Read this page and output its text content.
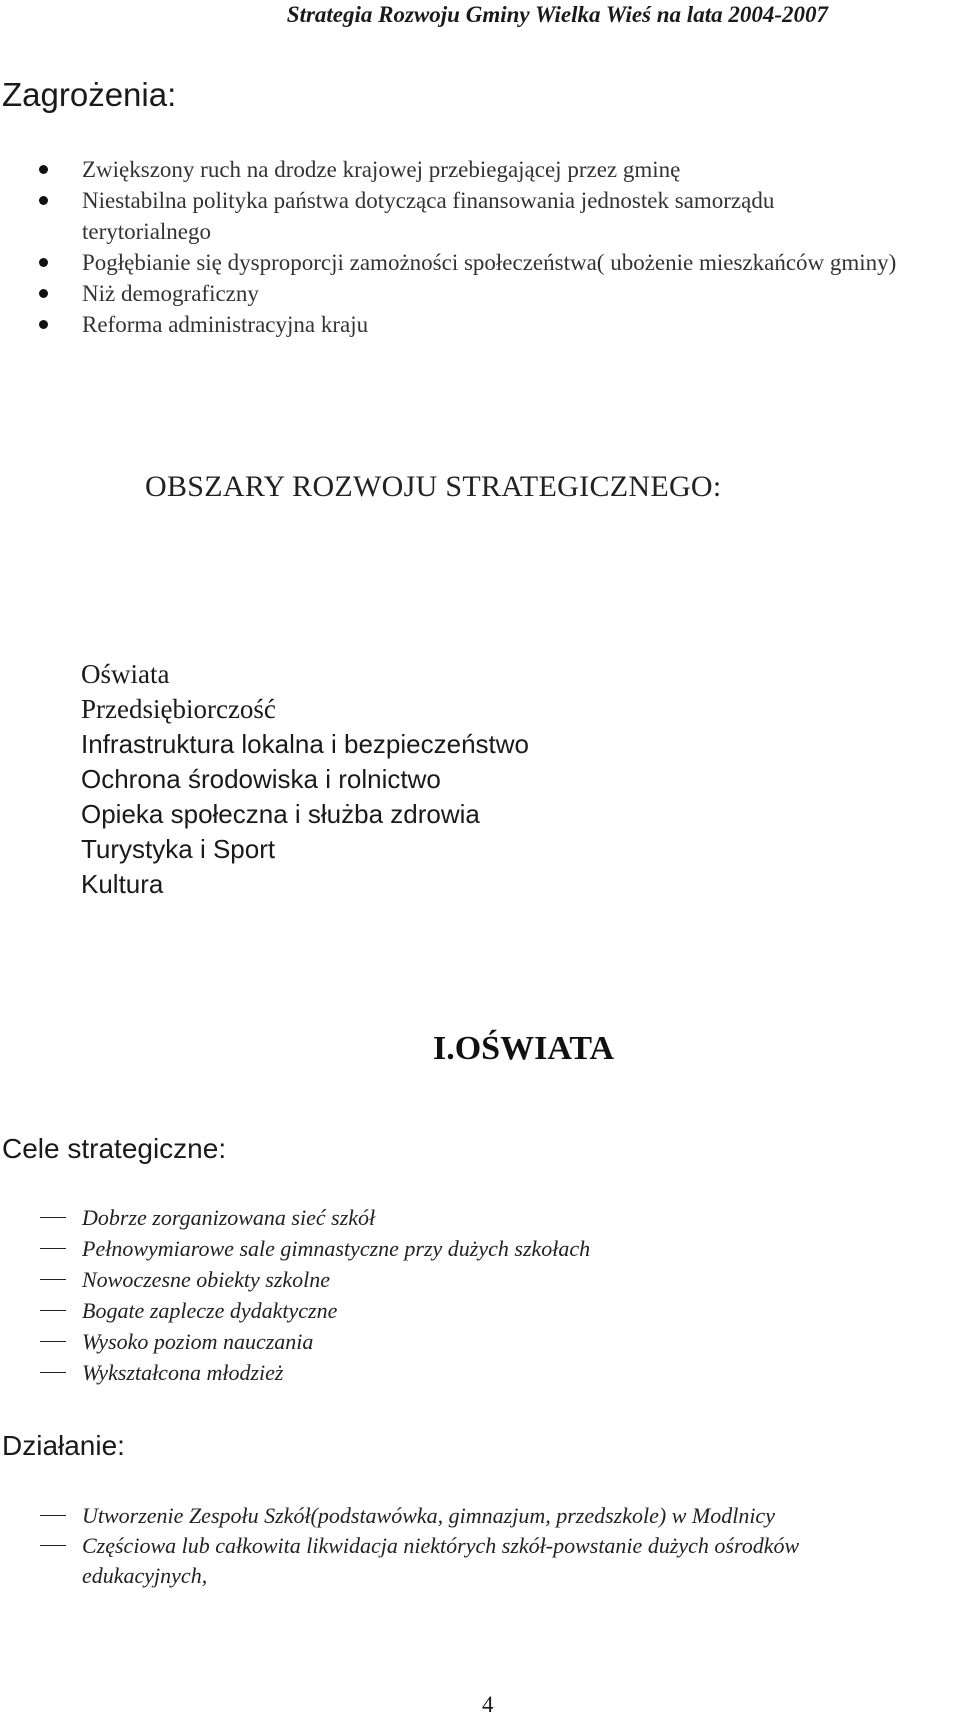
Strategia Rozwoju Gminy Wielka Wieś na lata 2004-2007
Zagrożenia:
Zwiększony ruch na drodze krajowej przebiegającej przez gminę
Niestabilna polityka państwa dotycząca finansowania jednostek samorządu terytorialnego
Pogłębianie się dysproporcji zamożności społeczeństwa( ubożenie mieszkańców gminy)
Niż demograficzny
Reforma administracyjna kraju
OBSZARY ROZWOJU STRATEGICZNEGO:
Oświata
Przedsiębiorczość
Infrastruktura lokalna i bezpieczeństwo
Ochrona środowiska i rolnictwo
Opieka społeczna i służba zdrowia
Turystyka i Sport
Kultura
I.OŚWIATA
Cele strategiczne:
Dobrze zorganizowana sieć szkół
Pełnowymiarowe sale gimnastyczne przy dużych szkołach
Nowoczesne obiekty szkolne
Bogate zaplecze dydaktyczne
Wysoko poziom nauczania
Wykształcona młodzież
Działanie:
Utworzenie Zespołu Szkół(podstawówka, gimnazjum, przedszkole) w Modlnicy
Częściowa lub całkowita likwidacja niektórych szkół-powstanie dużych ośrodków edukacyjnych,
4
